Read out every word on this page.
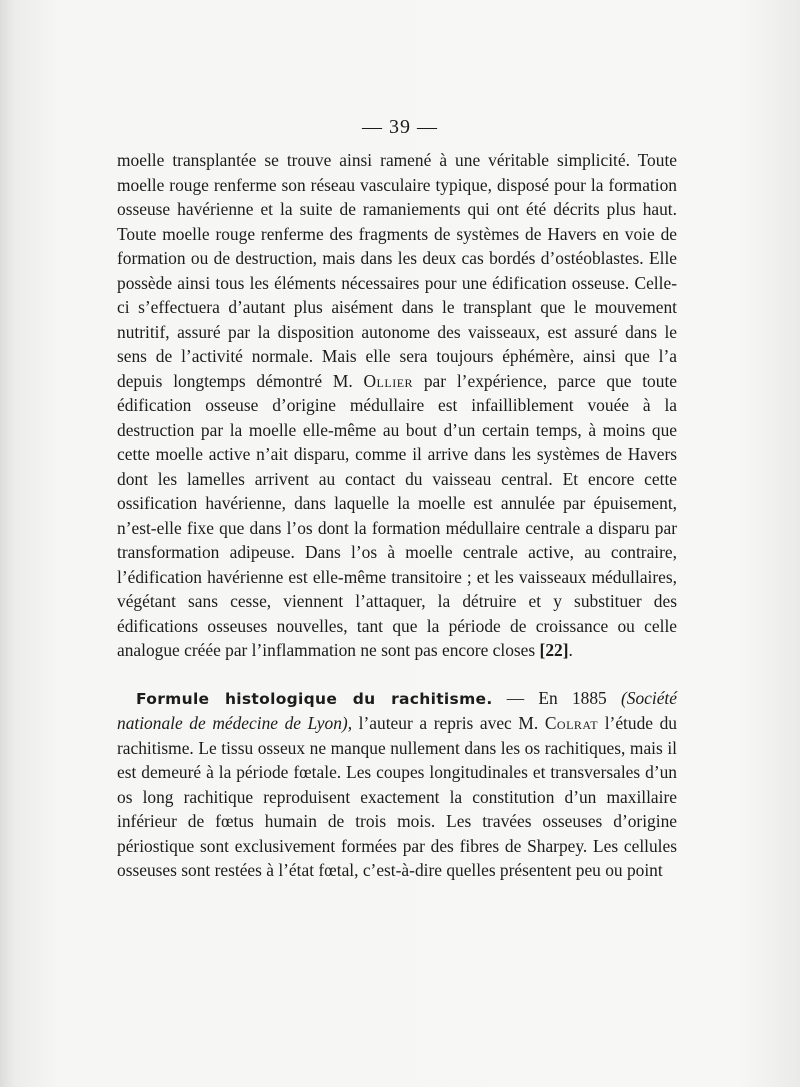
— 39 —

moelle transplantée se trouve ainsi ramené à une véritable simplicité. Toute moelle rouge renferme son réseau vasculaire typique, disposé pour la formation osseuse havérienne et la suite de ramaniements qui ont été décrits plus haut. Toute moelle rouge renferme des fragments de systèmes de Havers en voie de formation ou de destruction, mais dans les deux cas bordés d’ostéoblastes. Elle possède ainsi tous les éléments nécessaires pour une édification osseuse. Celle-ci s’effectuera d’autant plus aisément dans le transplant que le mouvement nutritif, assuré par la disposition autonome des vaisseaux, est assuré dans le sens de l’activité normale. Mais elle sera toujours éphémère, ainsi que l’a depuis longtemps démontré M. Ollier par l’expérience, parce que toute édification osseuse d’origine médullaire est infailliblement vouée à la destruction par la moelle elle-même au bout d’un certain temps, à moins que cette moelle active n’ait disparu, comme il arrive dans les systèmes de Havers dont les lamelles arrivent au contact du vaisseau central. Et encore cette ossification havérienne, dans laquelle la moelle est annulée par épuisement, n’est-elle fixe que dans l’os dont la formation médullaire centrale a disparu par transformation adipeuse. Dans l’os à moelle centrale active, au contraire, l’édification havérienne est elle-même transitoire ; et les vaisseaux médullaires, végétant sans cesse, viennent l’attaquer, la détruire et y substituer des édifications osseuses nouvelles, tant que la période de croissance ou celle analogue créée par l’inflammation ne sont pas encore closes [22].

Formule histologique du rachitisme. — En 1885 (Société nationale de médecine de Lyon), l’auteur a repris avec M. Colrat l’étude du rachitisme. Le tissu osseux ne manque nullement dans les os rachitiques, mais il est demeuré à la période fœtale. Les coupes longitudinales et transversales d’un os long rachitique reproduisent exactement la constitution d’un maxillaire inférieur de fœtus humain de trois mois. Les travées osseuses d’origine périostique sont exclusivement formées par des fibres de Sharpey. Les cellules osseuses sont restées à l’état fœtal, c’est-à-dire quelles présentent peu ou point
